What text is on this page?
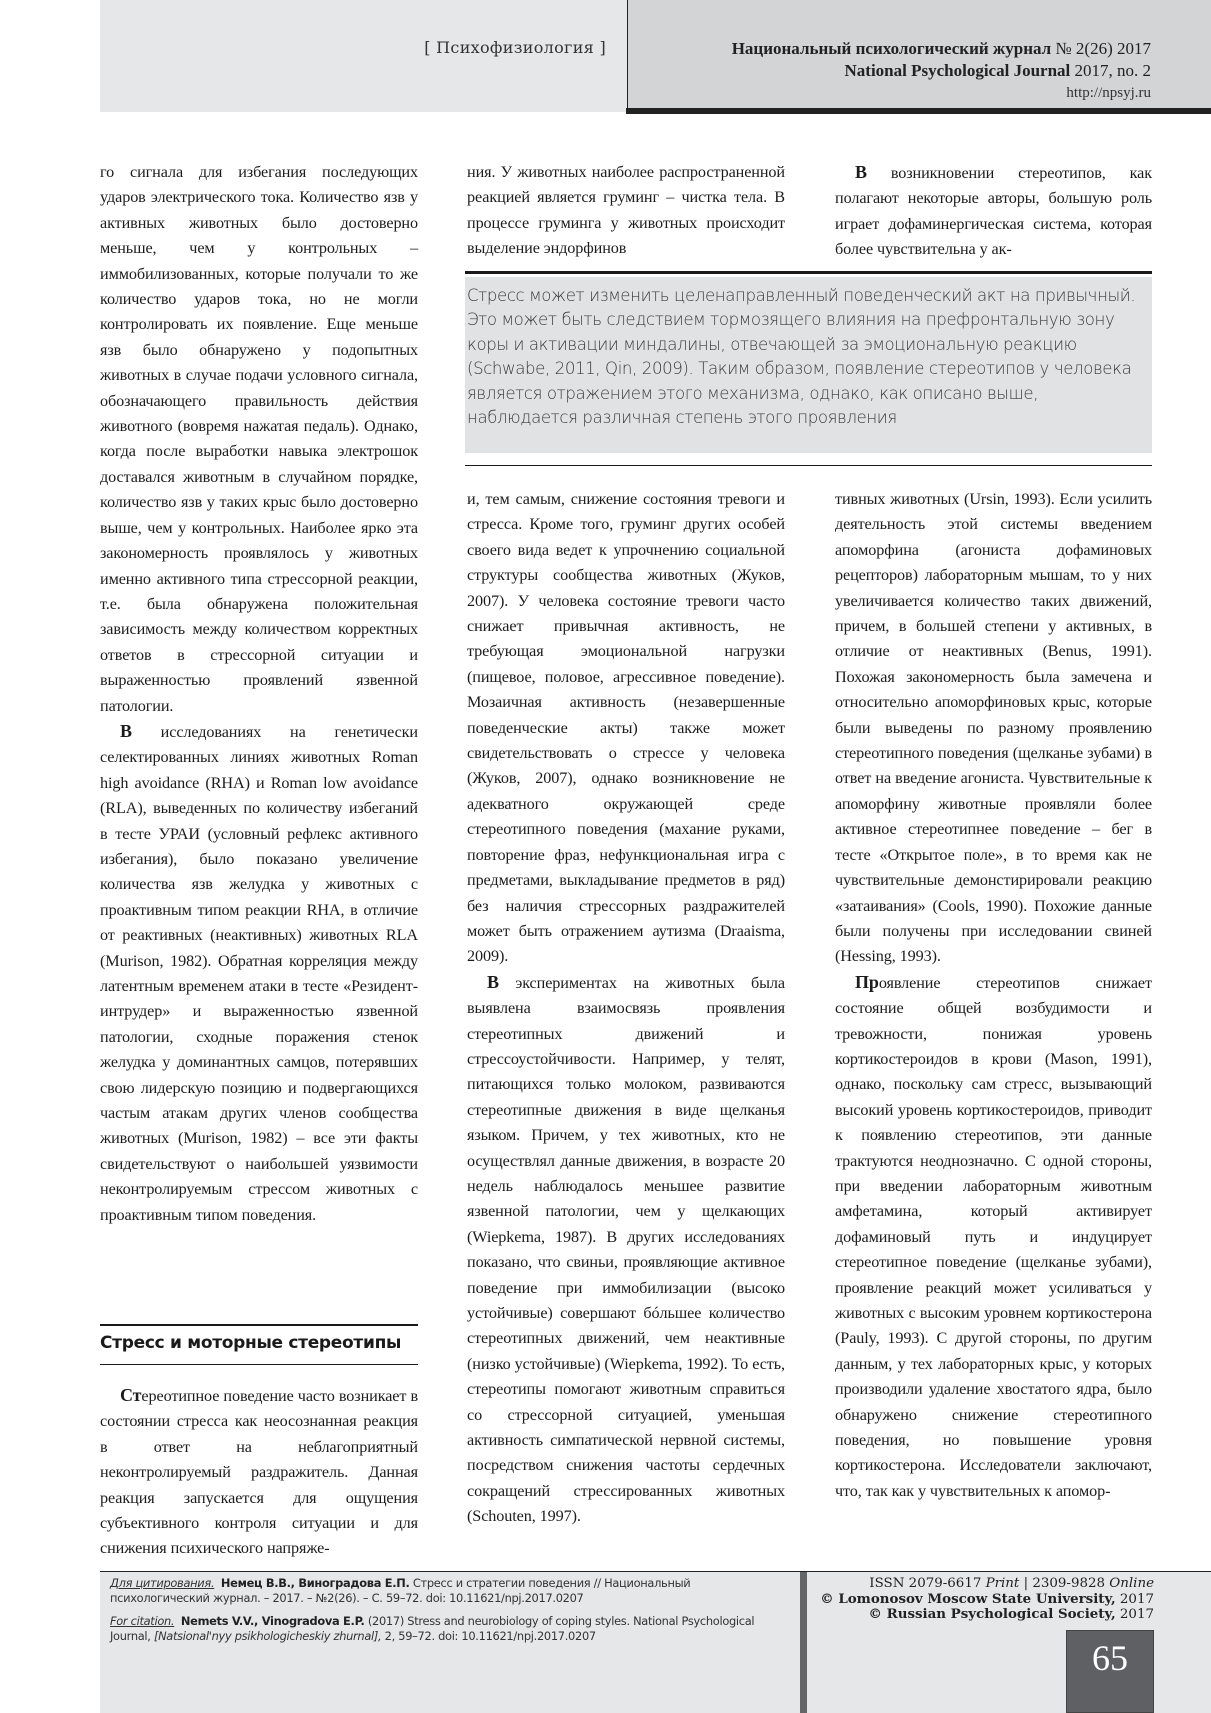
[ Психофизиология ]	Национальный психологический журнал № 2(26) 2017
National Psychological Journal 2017, no. 2
http://npsyj.ru

го сигнала для избегания последующих ударов электрического тока. Количество язв у активных животных было достоверно меньше, чем у контрольных – иммобилизованных, которые получали то же количество ударов тока, но не могли контролировать их появление. Еще меньше язв было обнаружено у подопытных животных в случае подачи условного сигнала, обозначающего правильность действия животного (вовремя нажатая педаль). Однако, когда после выработки навыка электрошок доставался животным в случайном порядке, количество язв у таких крыс было достоверно выше, чем у контрольных. Наиболее ярко эта закономерность проявлялось у животных именно активного типа стрессорной реакции, т.е. была обнаружена положительная зависимость между количеством корректных ответов в стрессорной ситуации и выраженностью проявлений язвенной патологии.

В исследованиях на генетически селектированных линиях животных Roman high avoidance (RHA) и Roman low avoidance (RLA), выведенных по количеству избеганий в тесте УРАИ (условный рефлекс активного избегания), было показано увеличение количества язв желудка у животных с проактивным типом реакции RHA, в отличие от реактивных (неактивных) животных RLA (Murison, 1982). Обратная корреляция между латентным временем атаки в тесте «Резидент-интрудер» и выраженностью язвенной патологии, сходные поражения стенок желудка у доминантных самцов, потерявших свою лидерскую позицию и подвергающихся частым атакам других членов сообщества животных (Murison, 1982) – все эти факты свидетельствуют о наибольшей уязвимости неконтролируемым стрессом животных с проактивным типом поведения.

Стресс и моторные стереотипы

Стереотипное поведение часто возникает в состоянии стресса как неосознанная реакция в ответ на неблагоприятный неконтролируемый раздражитель. Данная реакция запускается для ощущения субъективного контроля ситуации и для снижения психического напряже-

ния. У животных наиболее распространенной реакцией является груминг – чистка тела. В процессе груминга у животных происходит выделение эндорфинов

В возникновении стереотипов, как полагают некоторые авторы, большую роль играет дофаминергическая система, которая более чувствительна у ак-

Стресс может изменить целенаправленный поведенческий акт на привычный. Это может быть следствием тормозящего влияния на префронтальную зону коры и активации миндалины, отвечающей за эмоциональную реакцию (Schwabe, 2011, Qin, 2009). Таким образом, появление стереотипов у человека является отражением этого механизма, однако, как описано выше, наблюдается различная степень этого проявления

и, тем самым, снижение состояния тревоги и стресса. Кроме того, груминг других особей своего вида ведет к упрочнению социальной структуры сообщества животных (Жуков, 2007). У человека состояние тревоги часто снижает привычная активность, не требующая эмоциональной нагрузки (пищевое, половое, агрессивное поведение). Мозаичная активность (незавершенные поведенческие акты) также может свидетельствовать о стрессе у человека (Жуков, 2007), однако возникновение не адекватного окружающей среде стереотипного поведения (махание руками, повторение фраз, нефункциональная игра с предметами, выкладывание предметов в ряд) без наличия стрессорных раздражителей может быть отражением аутизма (Draaisma, 2009).

В экспериментах на животных была выявлена взаимосвязь проявления стереотипных движений и стрессоустойчивости. Например, у телят, питающихся только молоком, развиваются стереотипные движения в виде щелканья языком. Причем, у тех животных, кто не осуществлял данные движения, в возрасте 20 недель наблюдалось меньшее развитие язвенной патологии, чем у щелкающих (Wiepkema, 1987). В других исследованиях показано, что свиньи, проявляющие активное поведение при иммобилизации (высоко устойчивые) совершают бóльшее количество стереотипных движений, чем неактивные (низко устойчивые) (Wiepkema, 1992). То есть, стереотипы помогают животным справиться со стрессорной ситуацией, уменьшая активность симпатической нервной системы, посредством снижения частоты сердечных сокращений стрессированных животных (Schouten, 1997).

тивных животных (Ursin, 1993). Если усилить деятельность этой системы введением апоморфина (агониста дофаминовых рецепторов) лабораторным мышам, то у них увеличивается количество таких движений, причем, в большей степени у активных, в отличие от неактивных (Benus, 1991). Похожая закономерность была замечена и относительно апоморфиновых крыс, которые были выведены по разному проявлению стереотипного поведения (щелканье зубами) в ответ на введение агониста. Чувствительные к апоморфину животные проявляли более активное стереотипнее поведение – бег в тесте «Открытое поле», в то время как не чувствительные демонстирировали реакцию «затаивания» (Cools, 1990). Похожие данные были получены при исследовании свиней (Hessing, 1993).

Проявление стереотипов снижает состояние общей возбудимости и тревожности, понижая уровень кортикостероидов в крови (Mason, 1991), однако, поскольку сам стресс, вызывающий высокий уровень кортикостероидов, приводит к появлению стереотипов, эти данные трактуются неоднозначно. С одной стороны, при введении лабораторным животным амфетамина, который активирует дофаминовый путь и индуцирует стереотипное поведение (щелканье зубами), проявление реакций может усиливаться у животных с высоким уровнем кортикостерона (Pauly, 1993). С другой стороны, по другим данным, у тех лабораторных крыс, у которых производили удаление хвостатого ядра, было обнаружено снижение стереотипного поведения, но повышение уровня кортикостерона. Исследователи заключают, что, так как у чувствительных к апомор-

Для цитирования. Немец В.В., Виноградова Е.П. Стресс и стратегии поведения // Национальный психологический журнал. – 2017. – №2(26). – С. 59–72. doi: 10.11621/npj.2017.0207
For citation. Nemets V.V., Vinogradova E.P. (2017) Stress and neurobiology of coping styles. National Psychological Journal, [Natsional'nyy psikhologicheskiy zhurnal], 2, 59–72. doi: 10.11621/npj.2017.0207
ISSN 2079-6617 Print | 2309-9828 Online
© Lomonosov Moscow State University, 2017
© Russian Psychological Society, 2017
65
